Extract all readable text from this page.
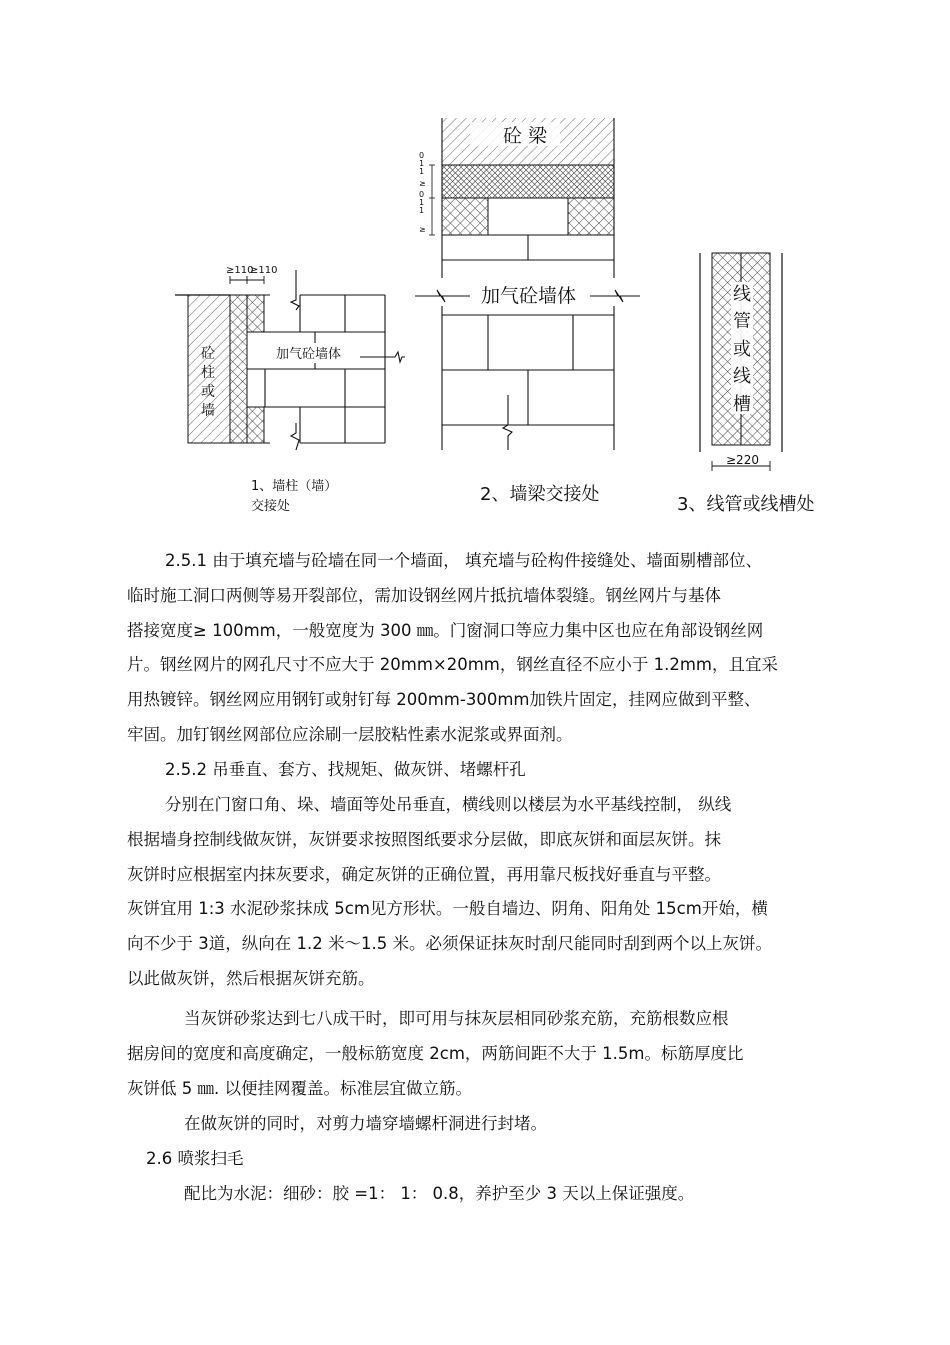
≥110
≥110
砼
柱
或
墙
加气砼墙体
1、墙柱（墙）
交接处
砼 梁
加气砼墙体
0
1
1
≥
0
1
1
≥
2、墙梁交接处
线
管
或
线
槽
≥220
3、线管或线槽处
2.5.1 由于填充墙与砼墙在同一个墙面， 填充墙与砼构件接缝处、墙面剔槽部位、
临时施工洞口两侧等易开裂部位，需加设钢丝网片抵抗墙体裂缝。钢丝网片与基体
搭接宽度≥ 100mm，一般宽度为 300 ㎜。门窗洞口等应力集中区也应在角部设钢丝网
片。钢丝网片的网孔尺寸不应大于 20mm×20mm，钢丝直径不应小于 1.2mm，且宜采
用热镀锌。钢丝网应用钢钉或射钉每 200mm-300mm加铁片固定，挂网应做到平整、
牢固。加钉钢丝网部位应涂刷一层胶粘性素水泥浆或界面剂。
2.5.2 吊垂直、套方、找规矩、做灰饼、堵螺杆孔
分别在门窗口角、垛、墙面等处吊垂直，横线则以楼层为水平基线控制， 纵线
根据墙身控制线做灰饼，灰饼要求按照图纸要求分层做，即底灰饼和面层灰饼。抹
灰饼时应根据室内抹灰要求，确定灰饼的正确位置，再用靠尺板找好垂直与平整。
灰饼宜用 1:3 水泥砂浆抹成 5cm见方形状。一般自墙边、阴角、阳角处 15cm开始，横
向不少于 3道，纵向在 1.2 米～1.5 米。必须保证抹灰时刮尺能同时刮到两个以上灰饼。
以此做灰饼，然后根据灰饼充筋。
当灰饼砂浆达到七八成干时，即可用与抹灰层相同砂浆充筋，充筋根数应根
据房间的宽度和高度确定，一般标筋宽度 2cm，两筋间距不大于 1.5m。标筋厚度比
灰饼低 5 ㎜. 以便挂网覆盖。标准层宜做立筋。
在做灰饼的同时，对剪力墙穿墙螺杆洞进行封堵。
2.6 喷浆扫毛
配比为水泥：细砂：胶 =1： 1： 0.8，养护至少 3 天以上保证强度。
